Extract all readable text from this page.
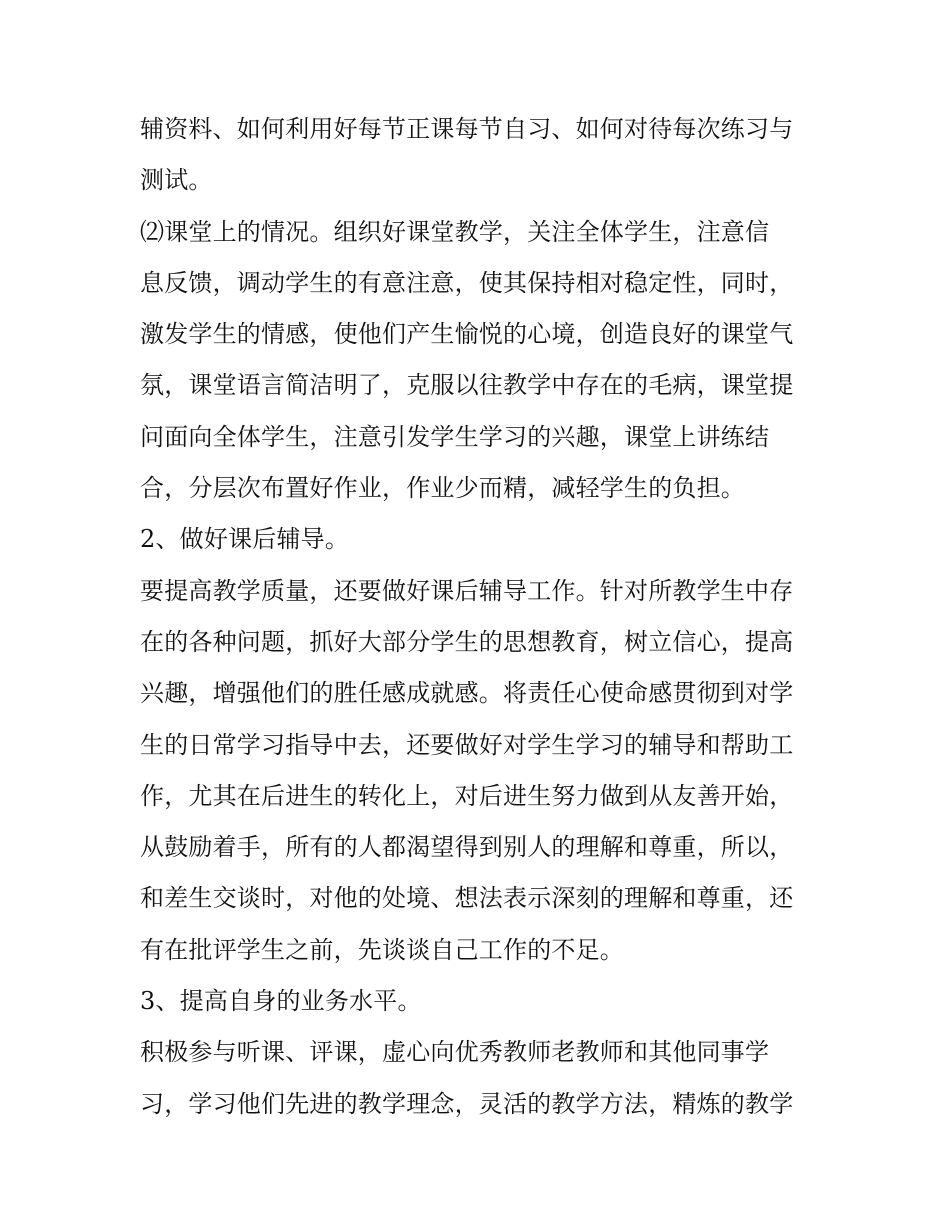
辅资料、如何利用好每节正课每节自习、如何对待每次练习与
测试。
⑵课堂上的情况。组织好课堂教学，关注全体学生，注意信
息反馈，调动学生的有意注意，使其保持相对稳定性，同时，
激发学生的情感，使他们产生愉悦的心境，创造良好的课堂气
氛，课堂语言简洁明了，克服以往教学中存在的毛病，课堂提
问面向全体学生，注意引发学生学习的兴趣，课堂上讲练结
合，分层次布置好作业，作业少而精，减轻学生的负担。
2、做好课后辅导。
要提高教学质量，还要做好课后辅导工作。针对所教学生中存
在的各种问题，抓好大部分学生的思想教育，树立信心，提高
兴趣，增强他们的胜任感成就感。将责任心使命感贯彻到对学
生的日常学习指导中去，还要做好对学生学习的辅导和帮助工
作，尤其在后进生的转化上，对后进生努力做到从友善开始，
从鼓励着手，所有的人都渴望得到别人的理解和尊重，所以，
和差生交谈时，对他的处境、想法表示深刻的理解和尊重，还
有在批评学生之前，先谈谈自己工作的不足。
3、提高自身的业务水平。
积极参与听课、评课，虚心向优秀教师老教师和其他同事学
习，学习他们先进的教学理念，灵活的教学方法，精炼的教学
